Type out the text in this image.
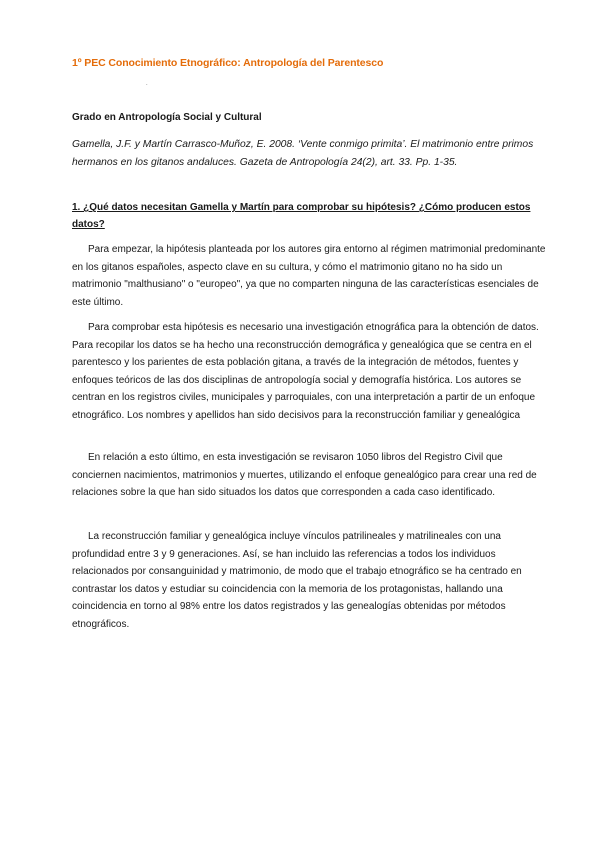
1º PEC Conocimiento Etnográfico: Antropología del Parentesco
.
Grado en Antropología Social y Cultural
Gamella, J.F. y Martín Carrasco-Muñoz, E. 2008. ‘Vente conmigo primita’. El matrimonio entre primos hermanos en los gitanos andaluces. Gazeta de Antropología 24(2), art. 33. Pp. 1-35.
1. ¿Qué datos necesitan Gamella y Martín para comprobar su hipótesis? ¿Cómo producen estos datos?

Para empezar, la hipótesis planteada por los autores gira entorno al régimen matrimonial predominante en los gitanos españoles, aspecto clave en su cultura, y cómo el matrimonio gitano no ha sido un matrimonio "malthusiano" o "europeo", ya que no comparten ninguna de las características esenciales de este último.

Para comprobar esta hipótesis es necesario una investigación etnográfica para la obtención de datos. Para recopilar los datos se ha hecho una reconstrucción demográfica y genealógica que se centra en el parentesco y los parientes de esta población gitana, a través de la integración de métodos, fuentes y enfoques teóricos de las dos disciplinas de antropología social y demografía histórica. Los autores se centran en los registros civiles, municipales y parroquiales, con una interpretación a partir de un enfoque etnográfico. Los nombres y apellidos han sido decisivos para la reconstrucción familiar y genealógica

En relación a esto último, en esta investigación se revisaron 1050 libros del Registro Civil que conciernen nacimientos, matrimonios y muertes, utilizando el enfoque genealógico para crear una red de relaciones sobre la que han sido situados los datos que corresponden a cada caso identificado.

La reconstrucción familiar y genealógica incluye vínculos patrilineales y matrilineales con una profundidad entre 3 y 9 generaciones. Así, se han incluido las referencias a todos los individuos relacionados por consanguinidad y matrimonio, de modo que el trabajo etnográfico se ha centrado en contrastar los datos y estudiar su coincidencia con la memoria de los protagonistas, hallando una coincidencia en torno al 98% entre los datos registrados y las genealogías obtenidas por métodos etnográficos.
